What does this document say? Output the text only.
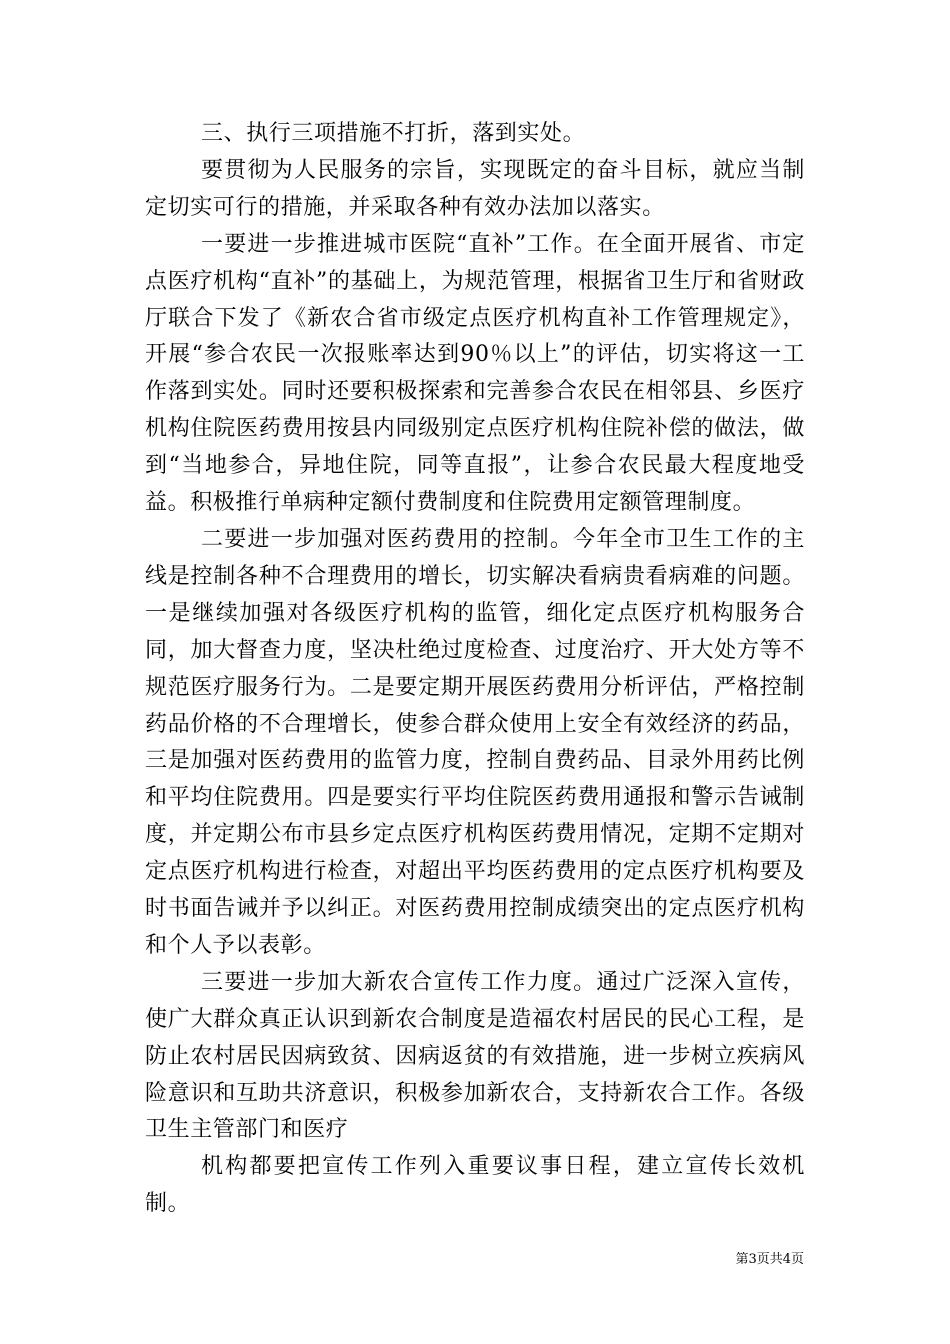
三、执行三项措施不打折，落到实处。

要贯彻为人民服务的宗旨，实现既定的奋斗目标，就应当制定切实可行的措施，并采取各种有效办法加以落实。

一要进一步推进城市医院“直补”工作。在全面开展省、市定点医疗机构“直补”的基础上，为规范管理，根据省卫生厅和省财政厅联合下发了《新农合省市级定点医疗机构直补工作管理规定》，开展“参合农民一次报账率达到90％以上”的评估，切实将这一工作落到实处。同时还要积极探索和完善参合农民在相邻县、乡医疗机构住院医药费用按县内同级别定点医疗机构住院补偿的做法，做到“当地参合，异地住院，同等直报”，让参合农民最大程度地受益。积极推行单病种定额付费制度和住院费用定额管理制度。

二要进一步加强对医药费用的控制。今年全市卫生工作的主线是控制各种不合理费用的增长，切实解决看病贵看病难的问题。一是继续加强对各级医疗机构的监管，细化定点医疗机构服务合同，加大督查力度，坚决杜绝过度检查、过度治疗、开大处方等不规范医疗服务行为。二是要定期开展医药费用分析评估，严格控制药品价格的不合理增长，使参合群众使用上安全有效经济的药品，三是加强对医药费用的监管力度，控制自费药品、目录外用药比例和平均住院费用。四是要实行平均住院医药费用通报和警示告诫制度，并定期公布市县乡定点医疗机构医药费用情况，定期不定期对定点医疗机构进行检查，对超出平均医药费用的定点医疗机构要及时书面告诫并予以纠正。对医药费用控制成绩突出的定点医疗机构和个人予以表彰。

三要进一步加大新农合宣传工作力度。通过广泛深入宣传，使广大群众真正认识到新农合制度是造福农村居民的民心工程，是防止农村居民因病致贫、因病返贫的有效措施，进一步树立疾病风险意识和互助共济意识，积极参加新农合，支持新农合工作。各级卫生主管部门和医疗

机构都要把宣传工作列入重要议事日程，建立宣传长效机制。

第3页共4页
